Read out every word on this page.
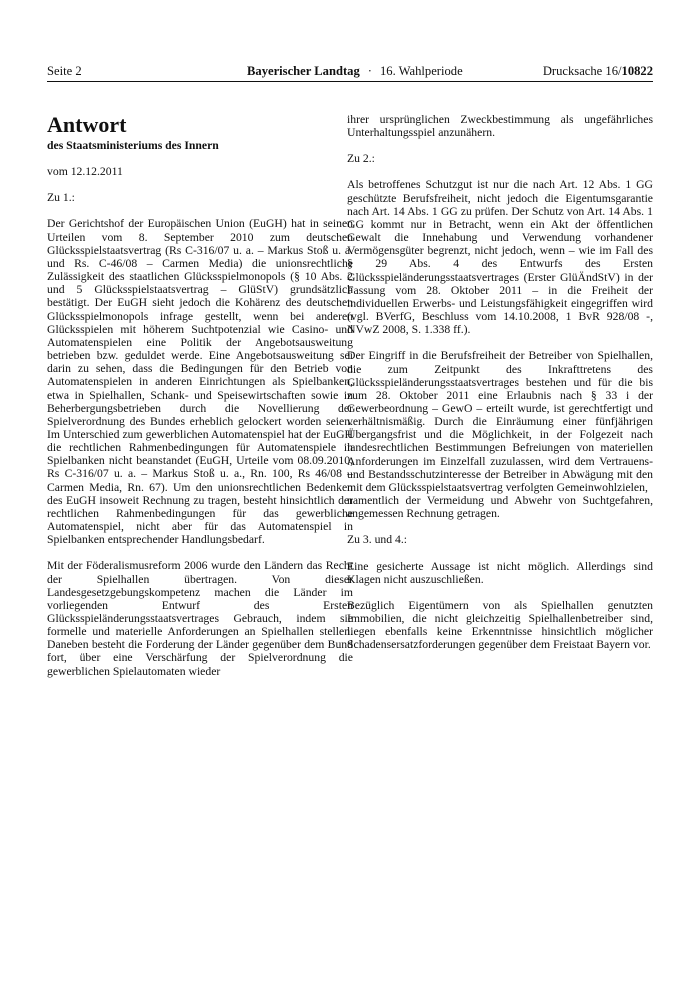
Seite 2	Bayerischer Landtag · 16. Wahlperiode	Drucksache 16/10822
Antwort

des Staatsministeriums des Innern

vom 12.12.2011

Zu 1.:

Der Gerichtshof der Europäischen Union (EuGH) hat in seinen Urteilen vom 8. September 2010 zum deutschen Glücksspielstaatsvertrag (Rs C-316/07 u. a. – Markus Stoß u. a. und Rs. C-46/08 – Carmen Media) die unionsrechtliche Zulässigkeit des staatlichen Glücksspielmonopols (§ 10 Abs. 2 und 5 Glücksspielstaatsvertrag – GlüStV) grundsätzlich bestätigt. Der EuGH sieht jedoch die Kohärenz des deutschen Glücksspielmonopols infrage gestellt, wenn bei anderen Glücksspielen mit höherem Suchtpotenzial wie Casino- und Automatenspielen eine Politik der Angebotsausweitung betrieben bzw. geduldet werde. Eine Angebotsausweitung sei darin zu sehen, dass die Bedingungen für den Betrieb von Automatenspielen in anderen Einrichtungen als Spielbanken, etwa in Spielhallen, Schank- und Speisewirtschaften sowie in Beherbergungsbetrieben durch die Novellierung der Spielverordnung des Bundes erheblich gelockert worden seien. Im Unterschied zum gewerblichen Automatenspiel hat der EuGH die rechtlichen Rahmenbedingungen für Automatenspiele in Spielbanken nicht beanstandet (EuGH, Urteile vom 08.09.2010, Rs C-316/07 u. a. – Markus Stoß u. a., Rn. 100, Rs 46/08 – Carmen Media, Rn. 67). Um den unionsrechtlichen Bedenken des EuGH insoweit Rechnung zu tragen, besteht hinsichtlich der rechtlichen Rahmenbedingungen für das gewerbliche Automatenspiel, nicht aber für das Automatenspiel in Spielbanken entsprechender Handlungsbedarf.

Mit der Föderalismusreform 2006 wurde den Ländern das Recht der Spielhallen übertragen. Von dieser Landesgesetzgebungskompetenz machen die Länder im vorliegenden Entwurf des Ersten Glücksspieländerungsstaatsvertrages Gebrauch, indem sie formelle und materielle Anforderungen an Spielhallen stellen. Daneben besteht die Forderung der Länder gegenüber dem Bund fort, über eine Verschärfung der Spielverordnung die gewerblichen Spielautomaten wieder

ihrer ursprünglichen Zweckbestimmung als ungefährliches Unterhaltungsspiel anzunähern.

Zu 2.:

Als betroffenes Schutzgut ist nur die nach Art. 12 Abs. 1 GG geschützte Berufsfreiheit, nicht jedoch die Eigentumsgarantie nach Art. 14 Abs. 1 GG zu prüfen. Der Schutz von Art. 14 Abs. 1 GG kommt nur in Betracht, wenn ein Akt der öffentlichen Gewalt die Innehabung und Verwendung vorhandener Vermögensgüter begrenzt, nicht jedoch, wenn – wie im Fall des § 29 Abs. 4 des Entwurfs des Ersten Glücksspieländerungsstaatsvertrages (Erster GlüÄndStV) in der Fassung vom 28. Oktober 2011 – in die Freiheit der individuellen Erwerbs- und Leistungsfähigkeit eingegriffen wird (vgl. BVerfG, Beschluss vom 14.10.2008, 1 BvR 928/08 -, NVwZ 2008, S. 1.338 ff.).

Der Eingriff in die Berufsfreiheit der Betreiber von Spielhallen, die zum Zeitpunkt des Inkrafttretens des Glücksspieländerungsstaatsvertrages bestehen und für die bis zum 28. Oktober 2011 eine Erlaubnis nach § 33 i der Gewerbeordnung – GewO – erteilt wurde, ist gerechtfertigt und verhältnismäßig. Durch die Einräumung einer fünfjährigen Übergangsfrist und die Möglichkeit, in der Folgezeit nach landesrechtlichen Bestimmungen Befreiungen von materiellen Anforderungen im Einzelfall zuzulassen, wird dem Vertrauens- und Bestandsschutzinteresse der Betreiber in Abwägung mit den mit dem Glücksspielstaatsvertrag verfolgten Gemeinwohlzielen,

namentlich der Vermeidung und Abwehr von Suchtgefahren, angemessen Rechnung getragen.

Zu 3. und 4.:

Eine gesicherte Aussage ist nicht möglich. Allerdings sind Klagen nicht auszuschließen.

Bezüglich Eigentümern von als Spielhallen genutzten Immobilien, die nicht gleichzeitig Spielhallenbetreiber sind, liegen ebenfalls keine Erkenntnisse hinsichtlich möglicher Schadensersatzforderungen gegenüber dem Freistaat Bayern vor.
